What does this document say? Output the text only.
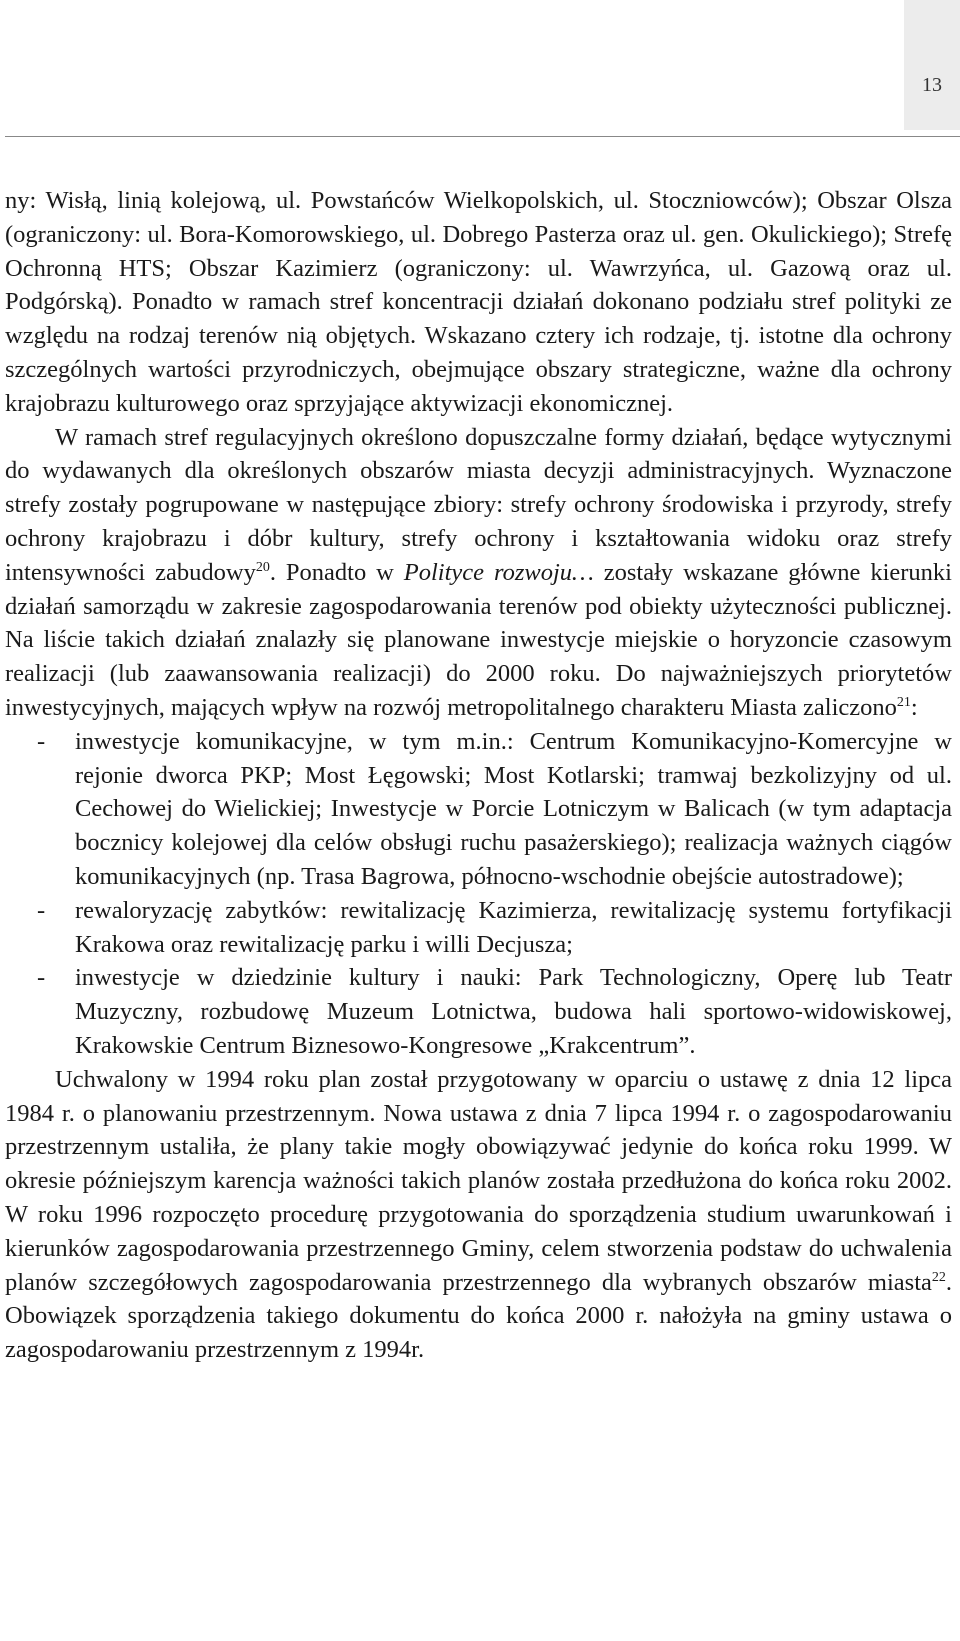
13

ny: Wisłą, linią kolejową, ul. Powstańców Wielkopolskich, ul. Stoczniowców); Obszar Olsza (ograniczony: ul. Bora-Komorowskiego, ul. Dobrego Pasterza oraz ul. gen. Okulickiego); Strefę Ochronną HTS; Obszar Kazimierz (ograniczony: ul. Wawrzyńca, ul. Gazową oraz ul. Podgórską). Ponadto w ramach stref koncentracji działań dokonano podziału stref polityki ze względu na rodzaj terenów nią objętych. Wskazano cztery ich rodzaje, tj. istotne dla ochrony szczególnych wartości przyrodniczych, obejmujące obszary strategiczne, ważne dla ochrony krajobrazu kulturowego oraz sprzyjające aktywizacji ekonomicznej.

W ramach stref regulacyjnych określono dopuszczalne formy działań, będące wytycznymi do wydawanych dla określonych obszarów miasta decyzji administracyjnych. Wyznaczone strefy zostały pogrupowane w następujące zbiory: strefy ochrony środowiska i przyrody, strefy ochrony krajobrazu i dóbr kultury, strefy ochrony i kształtowania widoku oraz strefy intensywności zabudowy$^{20}$. Ponadto w Polityce rozwoju… zostały wskazane główne kierunki działań samorządu w zakresie zagospodarowania terenów pod obiekty użyteczności publicznej. Na liście takich działań znalazły się planowane inwestycje miejskie o horyzoncie czasowym realizacji (lub zaawansowania realizacji) do 2000 roku. Do najważniejszych priorytetów inwestycyjnych, mających wpływ na rozwój metropolitalnego charakteru Miasta zaliczono$^{21}$:

- inwestycje komunikacyjne, w tym m.in.: Centrum Komunikacyjno-Komercyjne w rejonie dworca PKP; Most Łęgowski; Most Kotlarski; tramwaj bezkolizyjny od ul. Cechowej do Wielickiej; Inwestycje w Porcie Lotniczym w Balicach (w tym adaptacja bocznicy kolejowej dla celów obsługi ruchu pasażerskiego); realizacja ważnych ciągów komunikacyjnych (np. Trasa Bagrowa, północno-wschodnie obejście autostradowe);
- rewaloryzację zabytków: rewitalizację Kazimierza, rewitalizację systemu fortyfikacji Krakowa oraz rewitalizację parku i willi Decjusza;
- inwestycje w dziedzinie kultury i nauki: Park Technologiczny, Operę lub Teatr Muzyczny, rozbudowę Muzeum Lotnictwa, budowa hali sportowo-widowiskowej, Krakowskie Centrum Biznesowo-Kongresowe „Krakcentrum”.

Uchwalony w 1994 roku plan został przygotowany w oparciu o ustawę z dnia 12 lipca 1984 r. o planowaniu przestrzennym. Nowa ustawa z dnia 7 lipca 1994 r. o zagospodarowaniu przestrzennym ustaliła, że plany takie mogły obowiązywać jedynie do końca roku 1999. W okresie późniejszym karencja ważności takich planów została przedłużona do końca roku 2002. W roku 1996 rozpoczęto procedurę przygotowania do sporządzenia studium uwarunkowań i kierunków zagospodarowania przestrzennego Gminy, celem stworzenia podstaw do uchwalenia planów szczegółowych zagospodarowania przestrzennego dla wybranych obszarów miasta$^{22}$. Obowiązek sporządzenia takiego dokumentu do końca 2000 r. nałożyła na gminy ustawa o zagospodarowaniu przestrzennym z 1994r.
